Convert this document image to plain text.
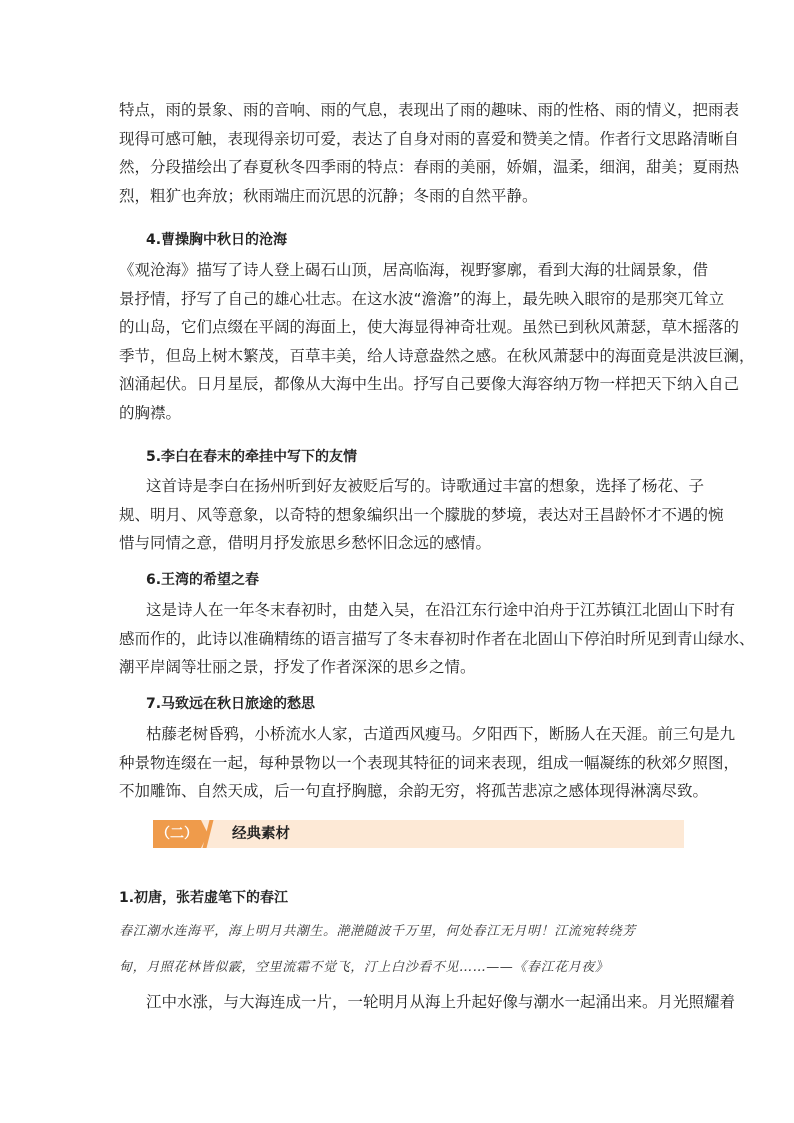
特点，雨的景象、雨的音响、雨的气息，表现出了雨的趣味、雨的性格、雨的情义，把雨表
现得可感可触，表现得亲切可爱，表达了自身对雨的喜爱和赞美之情。作者行文思路清晰自
然，分段描绘出了春夏秋冬四季雨的特点：春雨的美丽，娇媚，温柔，细润，甜美；夏雨热
烈，粗犷也奔放；秋雨端庄而沉思的沉静；冬雨的自然平静。

4.曹操胸中秋日的沧海

《观沧海》描写了诗人登上碣石山顶，居高临海，视野寥廓，看到大海的壮阔景象，借
景抒情，抒写了自己的雄心壮志。在这水波“澹澹”的海上，最先映入眼帘的是那突兀耸立
的山岛，它们点缀在平阔的海面上，使大海显得神奇壮观。虽然已到秋风萧瑟，草木摇落的
季节，但岛上树木繁茂，百草丰美，给人诗意盎然之感。在秋风萧瑟中的海面竟是洪波巨澜，
汹涌起伏。日月星辰，都像从大海中生出。抒写自己要像大海容纳万物一样把天下纳入自己
的胸襟。

5.李白在春末的牵挂中写下的友情

这首诗是李白在扬州听到好友被贬后写的。诗歌通过丰富的想象，选择了杨花、子
规、明月、风等意象，以奇特的想象编织出一个朦胧的梦境，表达对王昌龄怀才不遇的惋
惜与同情之意，借明月抒发旅思乡愁怀旧念远的感情。

6.王湾的希望之春

这是诗人在一年冬末春初时，由楚入吴，在沿江东行途中泊舟于江苏镇江北固山下时有
感而作的，此诗以准确精练的语言描写了冬末春初时作者在北固山下停泊时所见到青山绿水、
潮平岸阔等壮丽之景，抒发了作者深深的思乡之情。

7.马致远在秋日旅途的愁思

枯藤老树昏鸦，小桥流水人家，古道西风瘦马。夕阳西下，断肠人在天涯。前三句是九
种景物连缀在一起，每种景物以一个表现其特征的词来表现，组成一幅凝练的秋郊夕照图，
不加雕饰、自然天成，后一句直抒胸臆，余韵无穷，将孤苦悲凉之感体现得淋漓尽致。

（二） 经典素材
1.初唐，张若虚笔下的春江

春江潮水连海平，海上明月共潮生。滟滟随波千万里，何处春江无月明！江流宛转绕芳
甸，月照花林皆似霰，空里流霜不觉飞，汀上白沙看不见……——《春江花月夜》

江中水涨，与大海连成一片，一轮明月从海上升起好像与潮水一起涌出来。月光照耀着
